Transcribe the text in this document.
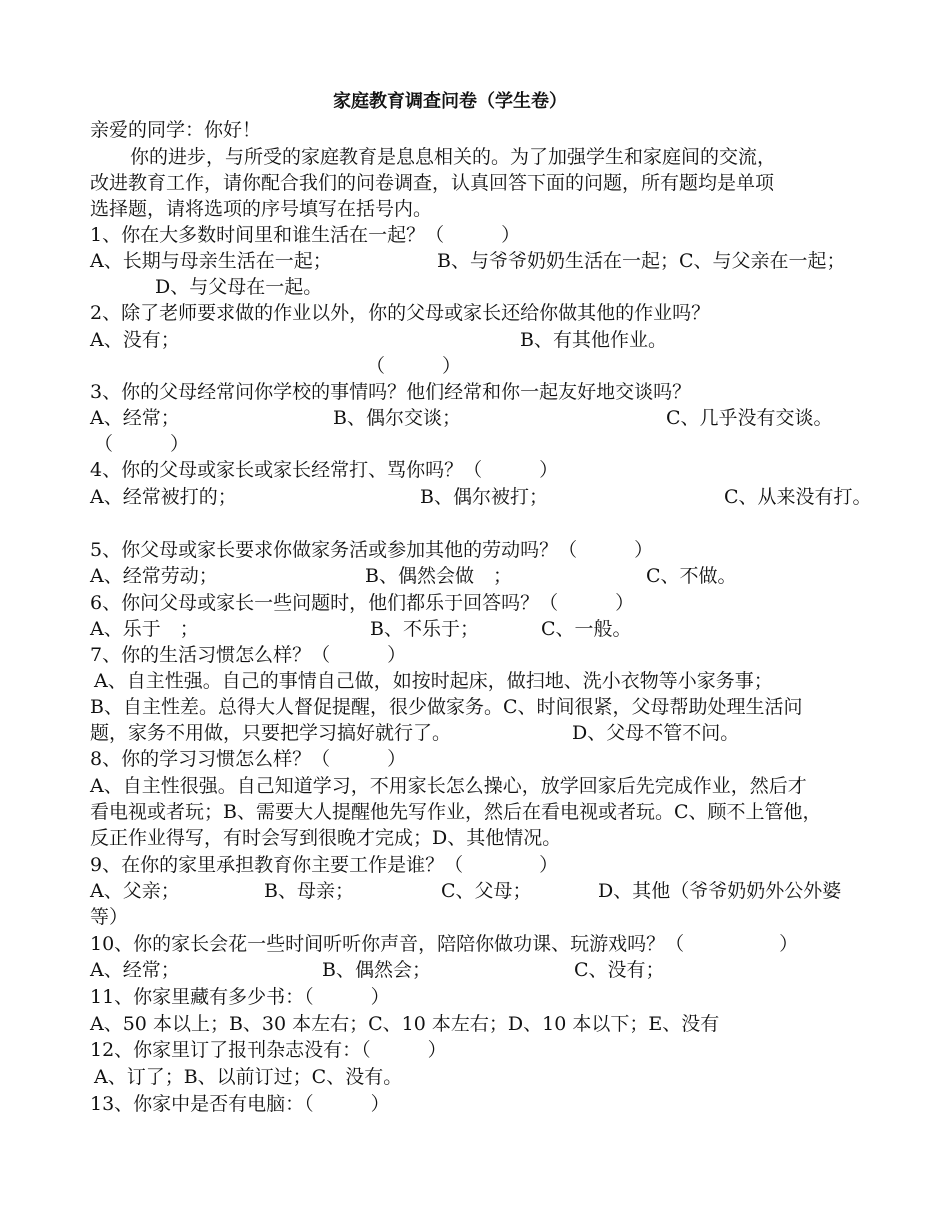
家庭教育调查问卷（学生卷）
亲爱的同学：你好！
你的进步，与所受的家庭教育是息息相关的。为了加强学生和家庭间的交流，
改进教育工作，请你配合我们的问卷调查，认真回答下面的问题，所有题均是单项
选择题，请将选项的序号填写在括号内。
1、你在大多数时间里和谁生活在一起？（　　　）
A、长期与母亲生活在一起；	B、与爷爷奶奶生活在一起；C、与父亲在一起；
D、与父母在一起。
2、除了老师要求做的作业以外，你的父母或家长还给你做其他的作业吗？
A、没有；	B、有其他作业。
（　　　）
3、你的父母经常问你学校的事情吗？他们经常和你一起友好地交谈吗？
A、经常；	B、偶尔交谈；	C、几乎没有交谈。
（　　　）
4、你的父母或家长或家长经常打、骂你吗？（　　　）
A、经常被打的；	B、偶尔被打；	C、从来没有打。
5、你父母或家长要求你做家务活或参加其他的劳动吗？（　　　）
A、经常劳动；	B、偶然会做　；	C、不做。
6、你问父母或家长一些问题时，他们都乐于回答吗？（　　　）
A、乐于　；	B、不乐于；	C、一般。
7、你的生活习惯怎么样？（　　　）
A、自主性强。自己的事情自己做，如按时起床，做扫地、洗小衣物等小家务事；
B、自主性差。总得大人督促提醒，很少做家务。C、时间很紧，父母帮助处理生活问
题，家务不用做，只要把学习搞好就行了。	D、父母不管不问。
8、你的学习习惯怎么样？（　　　）
A、自主性很强。自己知道学习，不用家长怎么操心，放学回家后先完成作业，然后才
看电视或者玩；B、需要大人提醒他先写作业，然后在看电视或者玩。C、顾不上管他，
反正作业得写，有时会写到很晚才完成；D、其他情况。
9、在你的家里承担教育你主要工作是谁？（　　　　）
A、父亲；	B、母亲；	C、父母；	D、其他（爷爷奶奶外公外婆
等）
10、你的家长会花一些时间听听你声音，陪陪你做功课、玩游戏吗？（　　　　　）
A、经常；	B、偶然会；	C、没有；
11、你家里藏有多少书：（　　　）
A、50 本以上；B、30 本左右；C、10 本左右；D、10 本以下；E、没有
12、你家里订了报刊杂志没有：（　　　）
A、订了；B、以前订过；C、没有。
13、你家中是否有电脑：（　　　）
